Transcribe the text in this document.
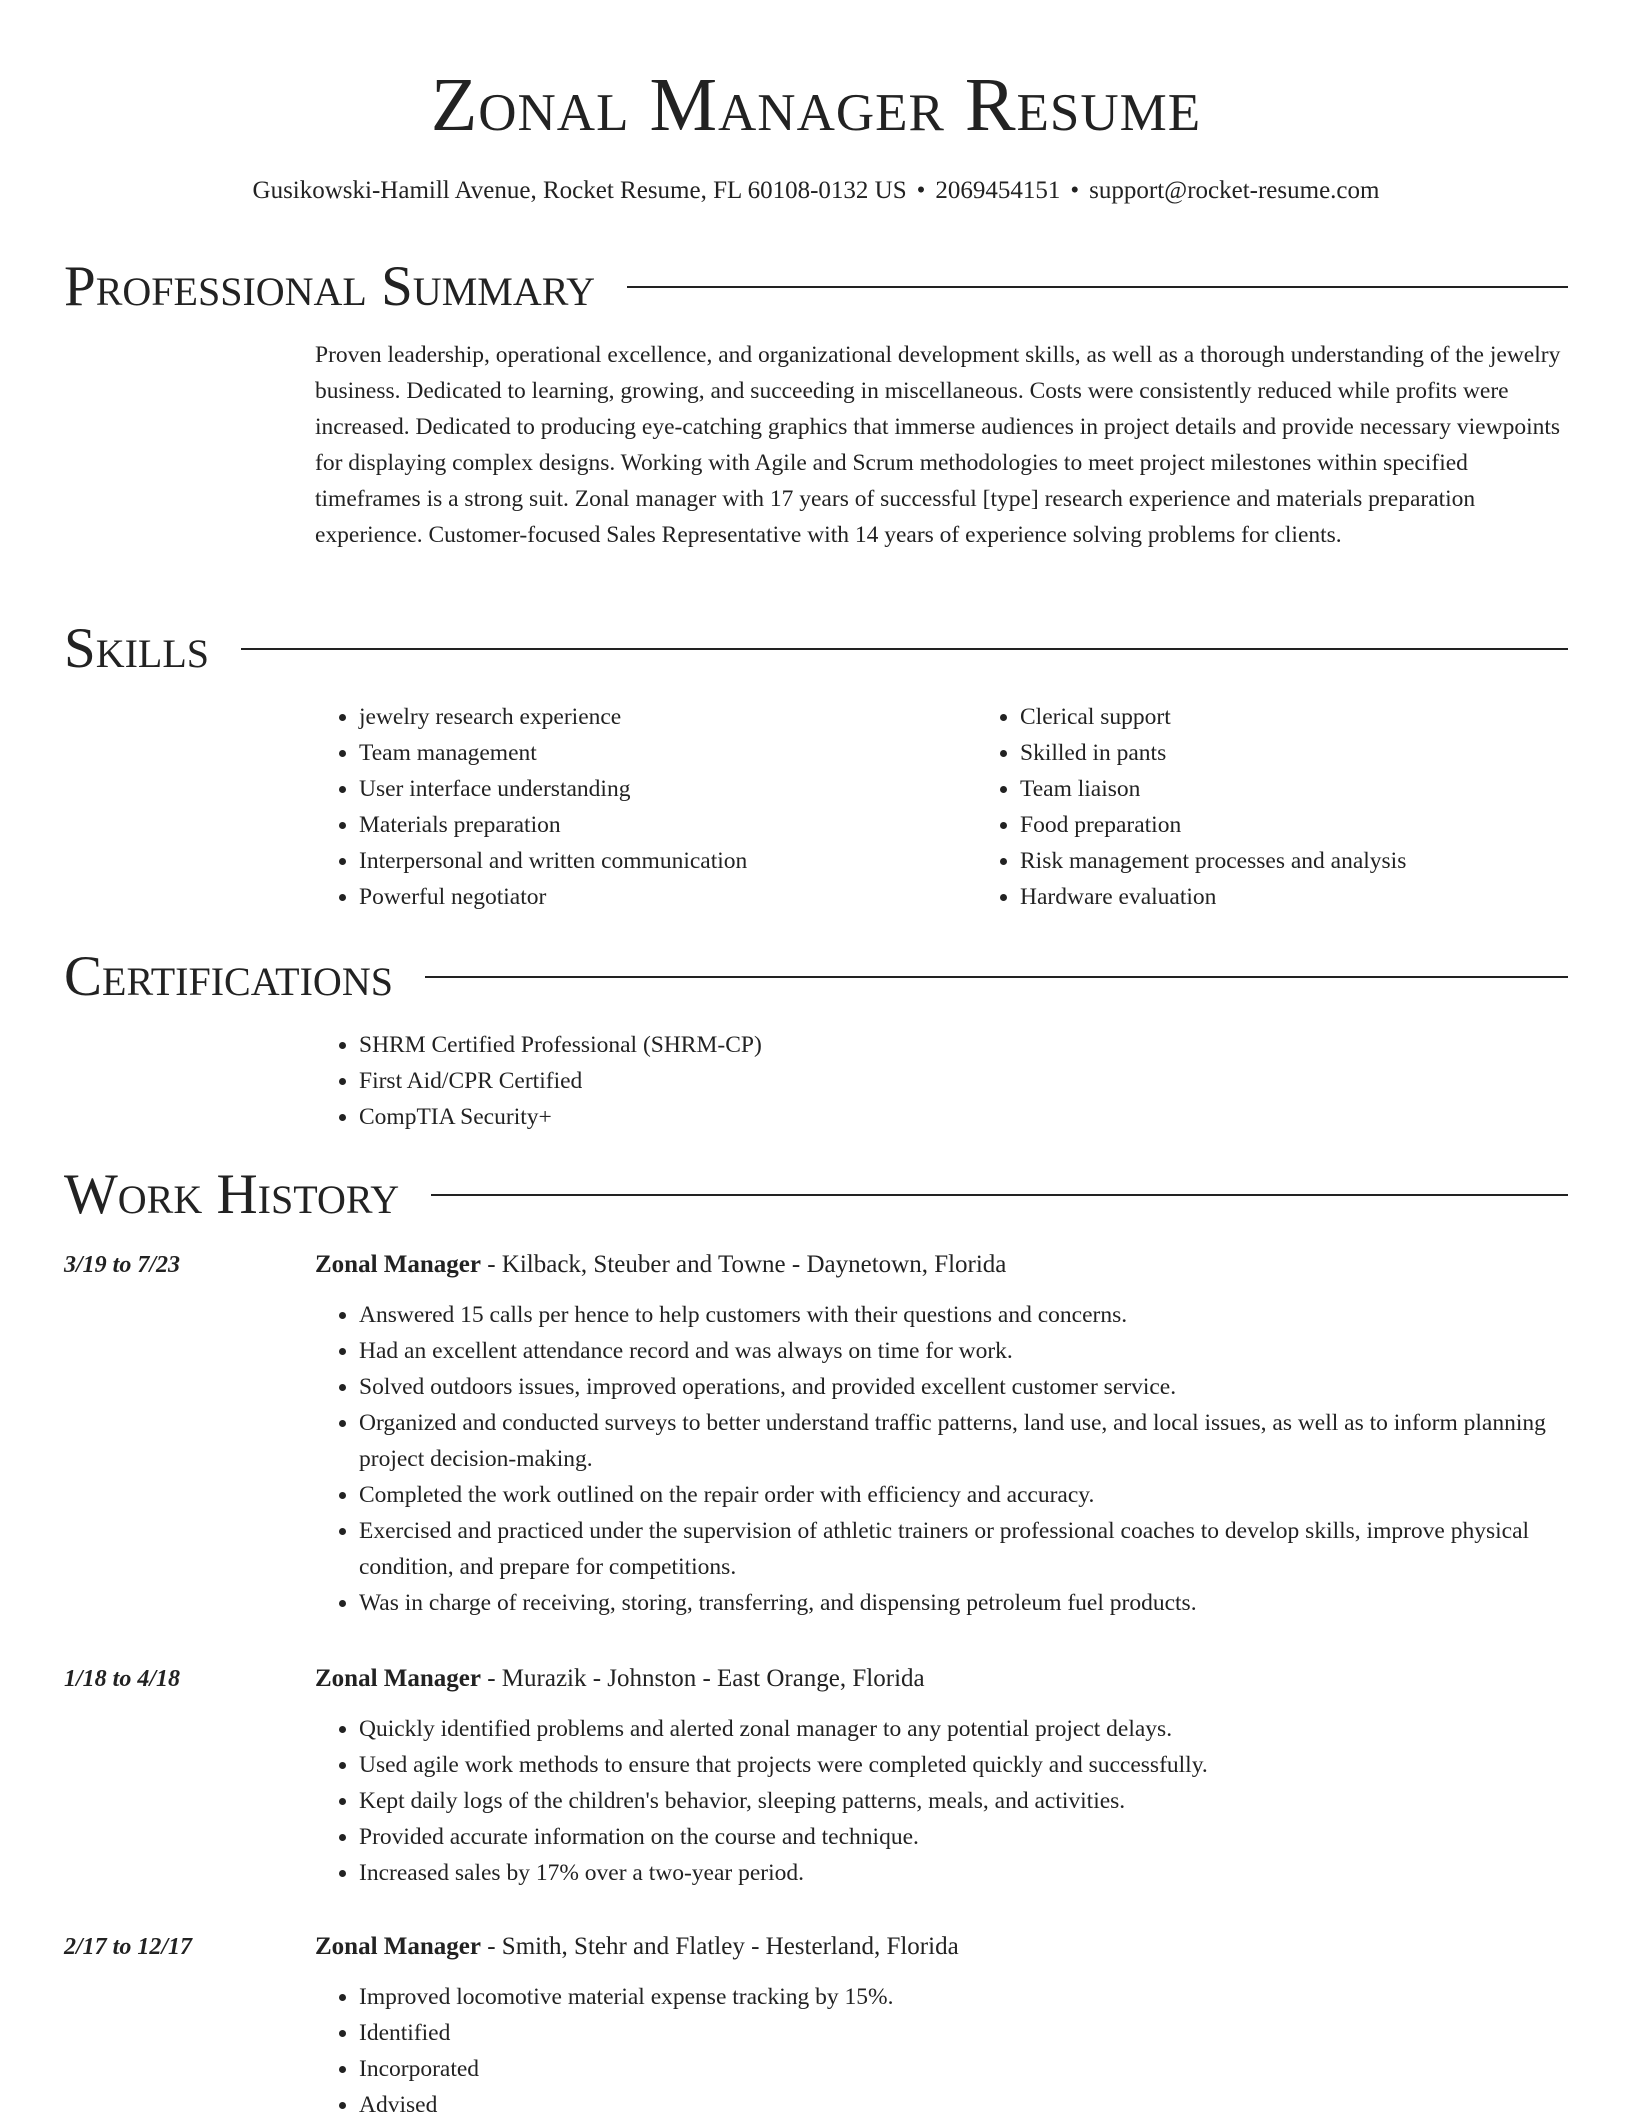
Zonal Manager Resume
Gusikowski-Hamill Avenue, Rocket Resume, FL 60108-0132 US • 2069454151 • support@rocket-resume.com
Professional Summary

Proven leadership, operational excellence, and organizational development skills, as well as a thorough understanding of the jewelry business. Dedicated to learning, growing, and succeeding in miscellaneous. Costs were consistently reduced while profits were increased. Dedicated to producing eye-catching graphics that immerse audiences in project details and provide necessary viewpoints for displaying complex designs. Working with Agile and Scrum methodologies to meet project milestones within specified timeframes is a strong suit. Zonal manager with 17 years of successful [type] research experience and materials preparation experience. Customer-focused Sales Representative with 14 years of experience solving problems for clients.

Skills
• jewelry research experience
• Team management
• User interface understanding
• Materials preparation
• Interpersonal and written communication
• Powerful negotiator
• Clerical support
• Skilled in pants
• Team liaison
• Food preparation
• Risk management processes and analysis
• Hardware evaluation
Certifications
• SHRM Certified Professional (SHRM-CP)
• First Aid/CPR Certified
• CompTIA Security+
Work History
3/19 to 7/23	Zonal Manager - Kilback, Steuber and Towne - Daynetown, Florida
• Answered 15 calls per hence to help customers with their questions and concerns.
• Had an excellent attendance record and was always on time for work.
• Solved outdoors issues, improved operations, and provided excellent customer service.
• Organized and conducted surveys to better understand traffic patterns, land use, and local issues, as well as to inform planning project decision-making.
• Completed the work outlined on the repair order with efficiency and accuracy.
• Exercised and practiced under the supervision of athletic trainers or professional coaches to develop skills, improve physical condition, and prepare for competitions.
• Was in charge of receiving, storing, transferring, and dispensing petroleum fuel products.
1/18 to 4/18	Zonal Manager - Murazik - Johnston - East Orange, Florida
• Quickly identified problems and alerted zonal manager to any potential project delays.
• Used agile work methods to ensure that projects were completed quickly and successfully.
• Kept daily logs of the children's behavior, sleeping patterns, meals, and activities.
• Provided accurate information on the course and technique.
• Increased sales by 17% over a two-year period.
2/17 to 12/17	Zonal Manager - Smith, Stehr and Flatley - Hesterland, Florida
• Improved locomotive material expense tracking by 15%.
• Identified
• Incorporated
• Advised
